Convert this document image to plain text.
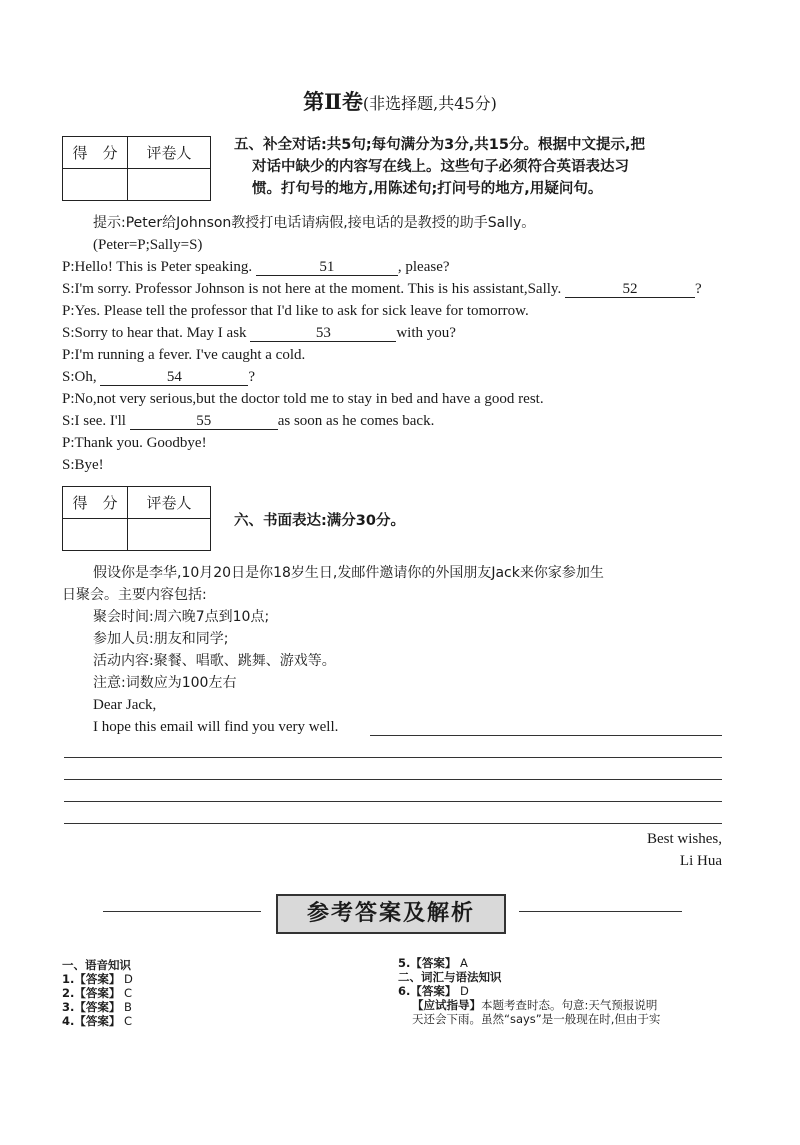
第Ⅱ卷(非选择题,共45分)
得　分	评卷人
		五、补全对话:共5句;每句满分为3分,共15分。根据中文提示,把
对话中缺少的内容写在线上。这些句子必须符合英语表达习
惯。打句号的地方,用陈述句;打问号的地方,用疑问句。
提示:Peter给Johnson教授打电话请病假,接电话的是教授的助手Sally。
(Peter=P;Sally=S)
P:Hello! This is Peter speaking.	51	, please?
S:I'm sorry. Professor Johnson is not here at the moment. This is his assistant,Sally.	52	?
P:Yes. Please tell the professor that I'd like to ask for sick leave for tomorrow.
S:Sorry to hear that. May I ask	53	with you?
P:I'm running a fever. I've caught a cold.
S:Oh,	54	?
P:No,not very serious,but the doctor told me to stay in bed and have a good rest.
S:I see. I'll	55	as soon as he comes back.
P:Thank you. Goodbye!
S:Bye!
得　分	评卷人

六、书面表达:满分30分。
假设你是李华,10月20日是你18岁生日,发邮件邀请你的外国朋友Jack来你家参加生
日聚会。主要内容包括:
聚会时间:周六晚7点到10点;
参加人员:朋友和同学;
活动内容:聚餐、唱歌、跳舞、游戏等。
注意:词数应为100左右
Dear Jack,
I hope this email will find you very well.
Best wishes,
Li Hua
参考答案及解析
一、语音知识
1.【答案】 D
2.【答案】 C
3.【答案】 B
4.【答案】 C
5.【答案】 A
二、词汇与语法知识
6.【答案】 D
【应试指导】本题考查时态。句意:天气预报说明
天还会下雨。虽然“says”是一般现在时,但由于实
